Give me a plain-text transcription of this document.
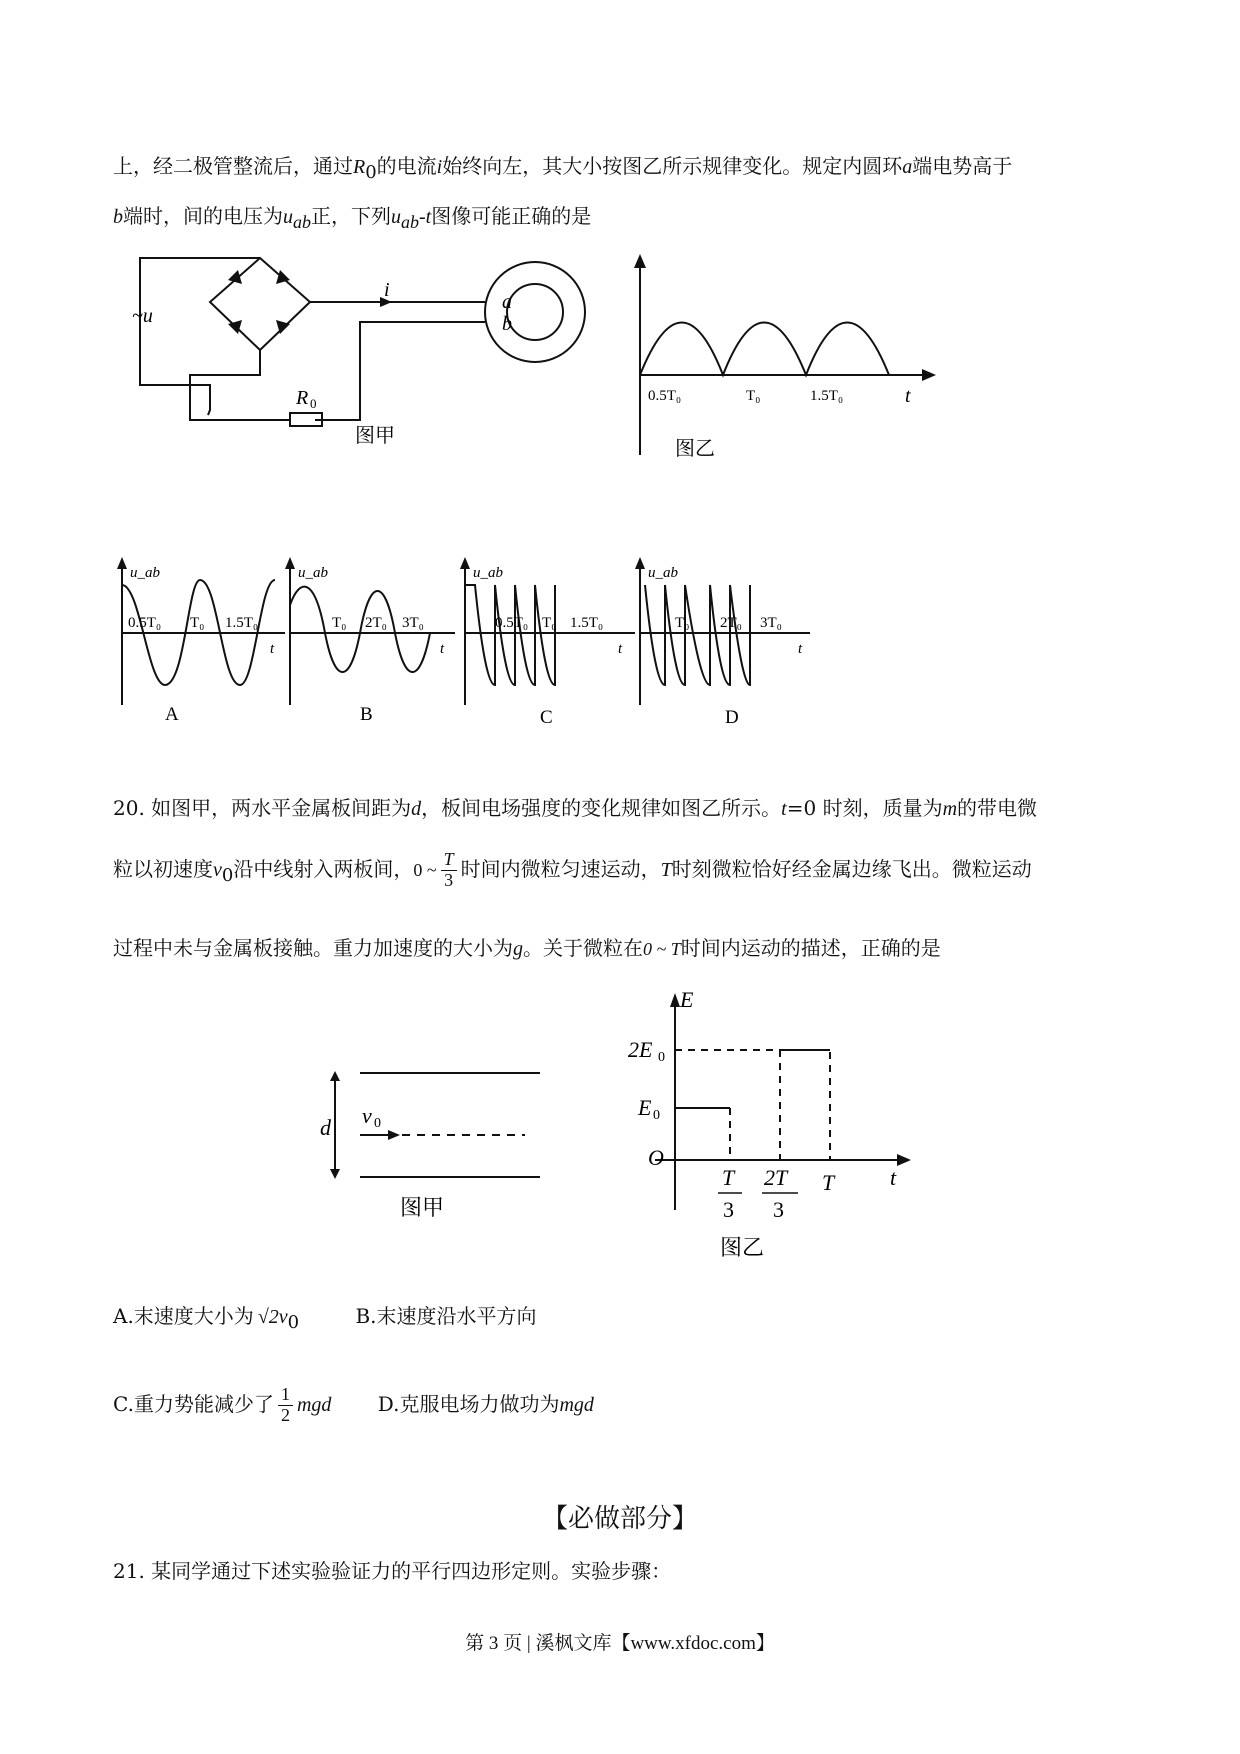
上，经二极管整流后，通过$R_0$的电流i始终向左，其大小按图乙所示规律变化。规定内圆环a端电势高于
b端时，间的电压为$u_{ab}$正，下列$u_{ab}-t$图像可能正确的是
~u
i
a
b
R 0
图甲
0.5T₀	T₀	1.5T₀	t
图乙
u_ab
0.5T₀ T₀ 1.5T₀
t
A
u_ab
T₀ 2T₀ 3T₀
t
B
u_ab
0.5T₀ T₀ 1.5T₀
t
C
u_ab
T₀ 2T₀ 3T₀
t
D
20. 如图甲，两水平金属板间距为d，板间电场强度的变化规律如图乙所示。t=0 时刻，质量为m的带电微
粒以初速度$v_0$沿中线射入两板间，0 ~ $\frac{T}{3}$ 时间内微粒匀速运动，T时刻微粒恰好经金属边缘飞出。微粒运动
过程中未与金属板接触。重力加速度的大小为g。关于微粒在0 ~ T时间内运动的描述，正确的是
d v 0
图甲
E
2E 0
E 0
O
t
T
3
2T
3
T
图乙
A.末速度大小为 $√2v_0$	B.末速度沿水平方向
C.重力势能减少了 $\frac{1}{2}$ mgd D.克服电场力做功为mgd
【必做部分】
21. 某同学通过下述实验验证力的平行四边形定则。实验步骤：
第 3 页 | 溪枫文库【www.xfdoc.com】
